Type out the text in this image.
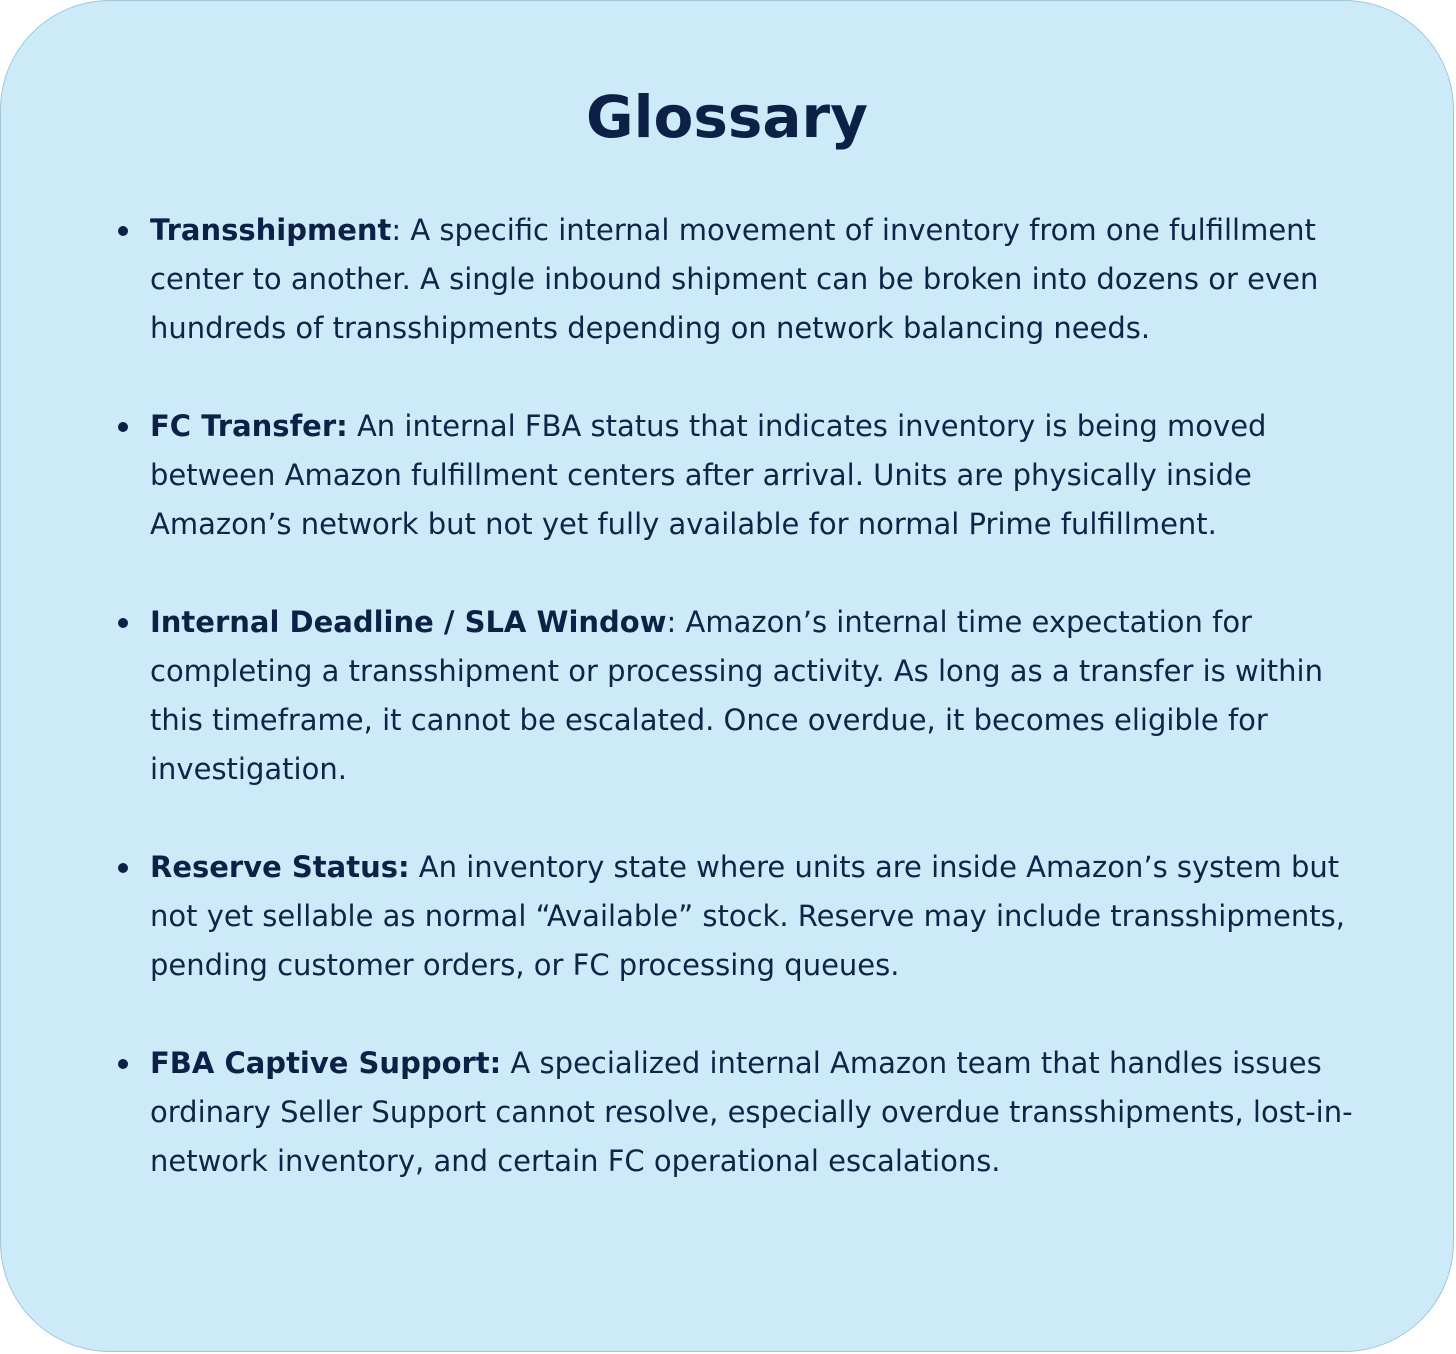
Glossary
Transshipment: A specific internal movement of inventory from one fulfillment center to another. A single inbound shipment can be broken into dozens or even hundreds of transshipments depending on network balancing needs.
FC Transfer: An internal FBA status that indicates inventory is being moved between Amazon fulfillment centers after arrival. Units are physically inside Amazon’s network but not yet fully available for normal Prime fulfillment.
Internal Deadline / SLA Window: Amazon’s internal time expectation for completing a transshipment or processing activity. As long as a transfer is within this timeframe, it cannot be escalated. Once overdue, it becomes eligible for investigation.
Reserve Status: An inventory state where units are inside Amazon’s system but not yet sellable as normal “Available” stock. Reserve may include transshipments, pending customer orders, or FC processing queues.
FBA Captive Support: A specialized internal Amazon team that handles issues ordinary Seller Support cannot resolve, especially overdue transshipments, lost-in-network inventory, and certain FC operational escalations.
